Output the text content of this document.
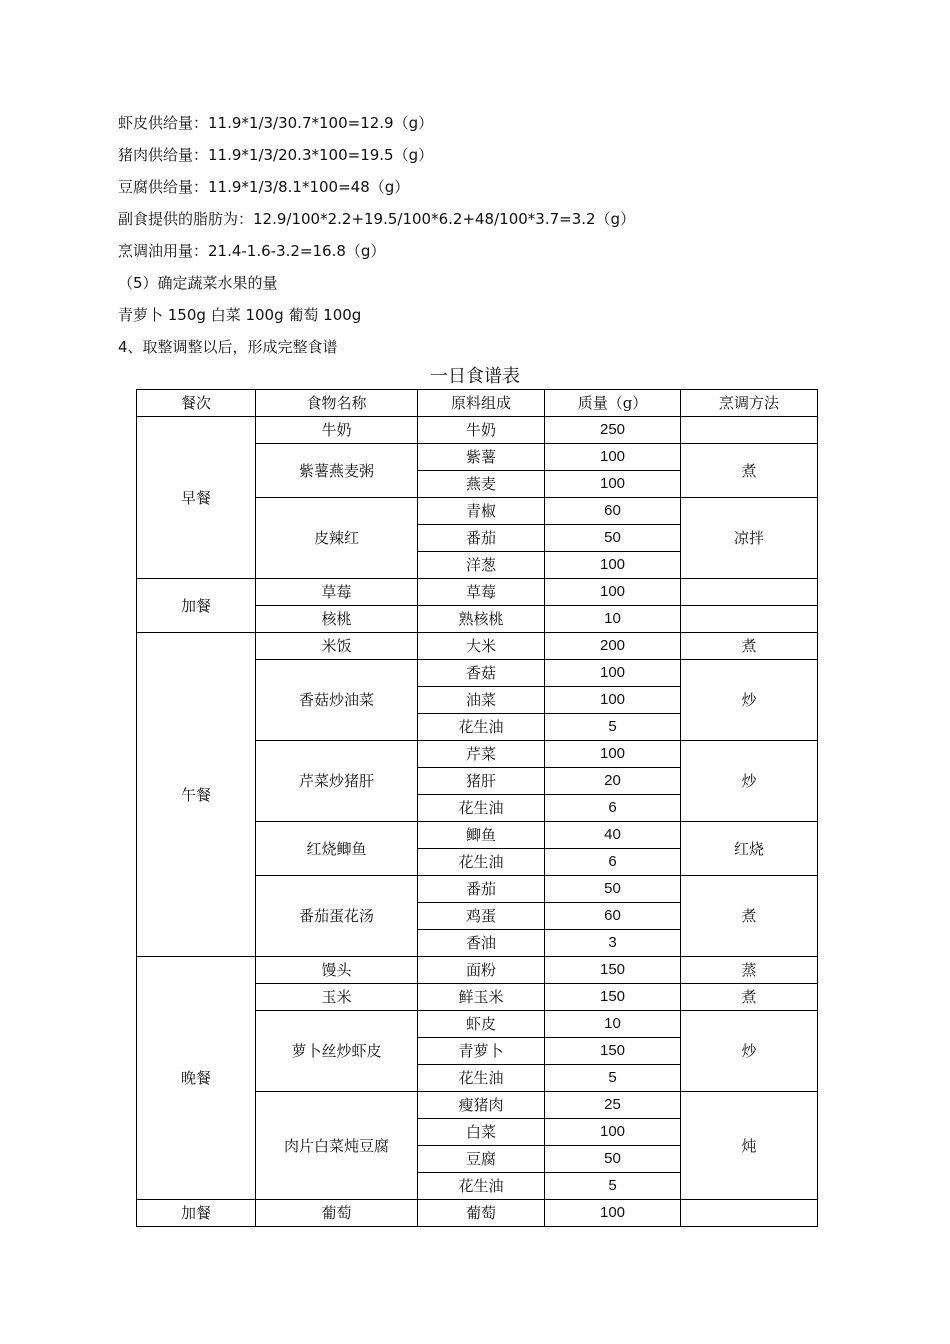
虾皮供给量：11.9*1/3/30.7*100=12.9（g）
猪肉供给量：11.9*1/3/20.3*100=19.5（g）
豆腐供给量：11.9*1/3/8.1*100=48（g）
副食提供的脂肪为：12.9/100*2.2+19.5/100*6.2+48/100*3.7=3.2（g）
烹调油用量：21.4-1.6-3.2=16.8（g）
（5）确定蔬菜水果的量
青萝卜 150g 白菜 100g 葡萄 100g
4、取整调整以后，形成完整食谱
一日食谱表
餐次	食物名称	原料组成	质量（g）	烹调方法
早餐	牛奶	牛奶	250	
	紫薯燕麦粥	紫薯	100	煮
		燕麦	100	
	皮辣红	青椒	60	凉拌
		番茄	50	
		洋葱	100	
加餐	草莓	草莓	100	
	核桃	熟核桃	10	
午餐	米饭	大米	200	煮
	香菇炒油菜	香菇	100	炒
		油菜	100	
		花生油	5	
	芹菜炒猪肝	芹菜	100	炒
		猪肝	20	
		花生油	6	
	红烧鲫鱼	鲫鱼	40	红烧
		花生油	6	
	番茄蛋花汤	番茄	50	煮
		鸡蛋	60	
		香油	3	
晚餐	馒头	面粉	150	蒸
	玉米	鲜玉米	150	煮
	萝卜丝炒虾皮	虾皮	10	炒
		青萝卜	150	
		花生油	5	
	肉片白菜炖豆腐	瘦猪肉	25	炖
		白菜	100	
		豆腐	50	
		花生油	5	
加餐	葡萄	葡萄	100	
